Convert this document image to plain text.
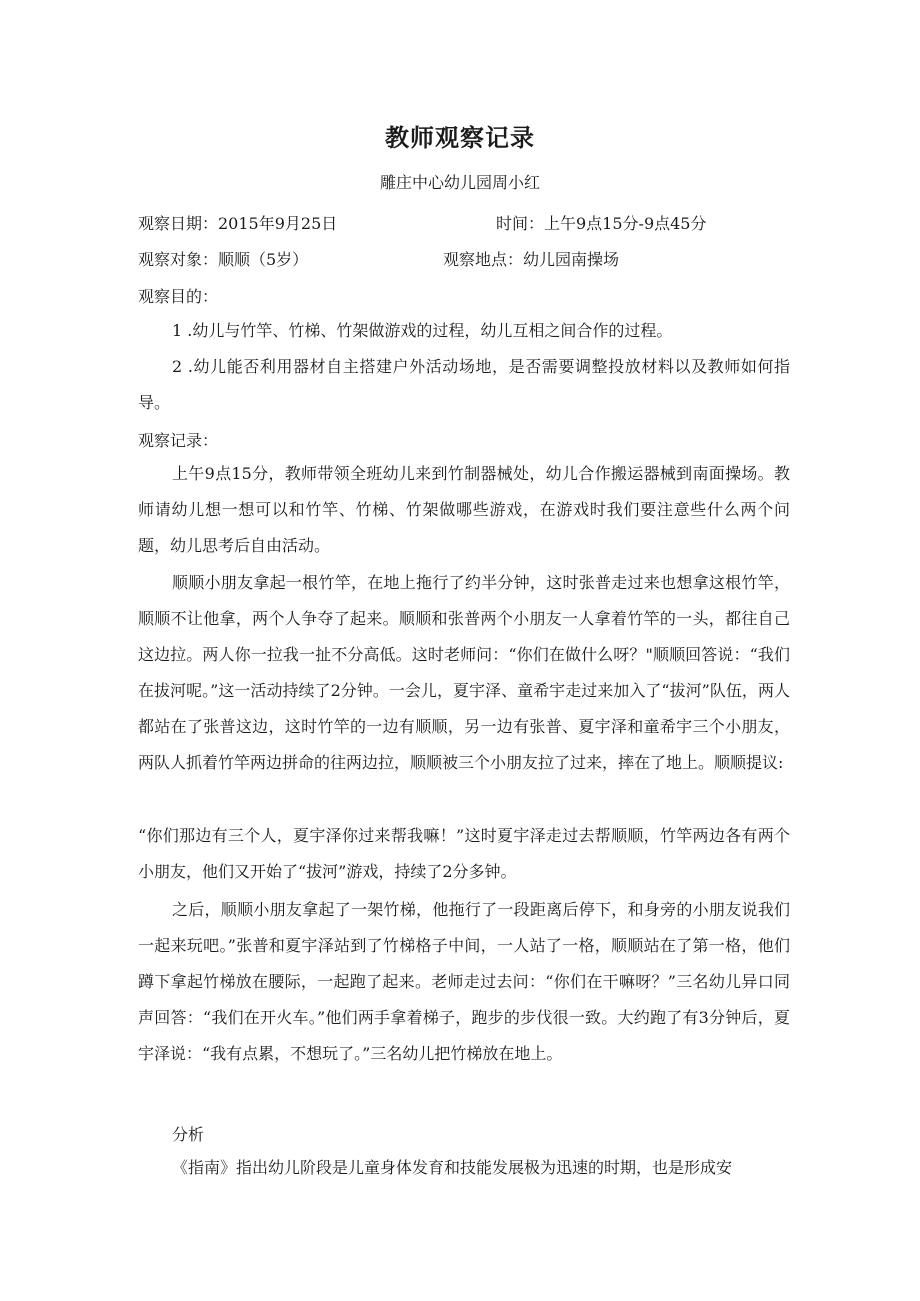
教师观察记录
雕庄中心幼儿园周小红
观察日期：2015年9月25日	时间：上午9点15分-9点45分
观察对象：顺顺（5岁）	观察地点：幼儿园南操场
观察目的：
1 .幼儿与竹竿、竹梯、竹架做游戏的过程，幼儿互相之间合作的过程。
2 .幼儿能否利用器材自主搭建户外活动场地，是否需要调整投放材料以及教师如何指导。
观察记录：
上午9点15分，教师带领全班幼儿来到竹制器械处，幼儿合作搬运器械到南面操场。教师请幼儿想一想可以和竹竿、竹梯、竹架做哪些游戏，在游戏时我们要注意些什么两个问题，幼儿思考后自由活动。
顺顺小朋友拿起一根竹竿，在地上拖行了约半分钟，这时张普走过来也想拿这根竹竿，顺顺不让他拿，两个人争夺了起来。顺顺和张普两个小朋友一人拿着竹竿的一头，都往自己这边拉。两人你一拉我一扯不分高低。这时老师问：“你们在做什么呀？"顺顺回答说：“我们在拔河呢。”这一活动持续了2分钟。一会儿，夏宇泽、童希宇走过来加入了“拔河”队伍，两人都站在了张普这边，这时竹竿的一边有顺顺，另一边有张普、夏宇泽和童希宇三个小朋友，两队人抓着竹竿两边拼命的往两边拉，顺顺被三个小朋友拉了过来，摔在了地上。顺顺提议:
“你们那边有三个人，夏宇泽你过来帮我嘛！”这时夏宇泽走过去帮顺顺，竹竿两边各有两个小朋友，他们又开始了“拔河”游戏，持续了2分多钟。
之后，顺顺小朋友拿起了一架竹梯，他拖行了一段距离后停下，和身旁的小朋友说我们一起来玩吧。”张普和夏宇泽站到了竹梯格子中间，一人站了一格，顺顺站在了第一格，他们蹲下拿起竹梯放在腰际，一起跑了起来。老师走过去问：“你们在干嘛呀？”三名幼儿异口同声回答：“我们在开火车。”他们两手拿着梯子，跑步的步伐很一致。大约跑了有3分钟后，夏宇泽说：“我有点累，不想玩了。”三名幼儿把竹梯放在地上。
分析
《指南》指出幼儿阶段是儿童身体发育和技能发展极为迅速的时期，也是形成安
